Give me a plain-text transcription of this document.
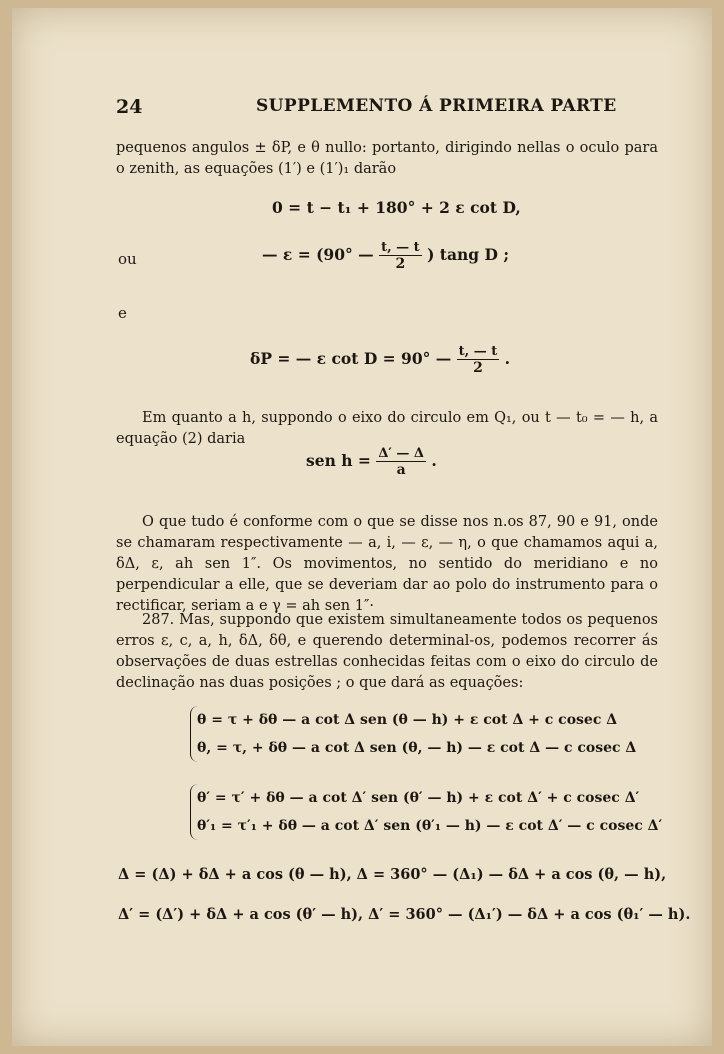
24	SUPPLEMENTO Á PRIMEIRA PARTE
pequenos angulos ± δP, e θ nullo: portanto, dirigindo nellas o oculo para o zenith, as equações (1′) e (1′)₁ darão
0 = t − t₁ + 180° + 2 ε cot D,
ou	— ε = (90° — $\frac{t, — t}{2}$ ) tang D ;
e
δP = — ε cot D = 90° — $\frac{t, — t}{2}$ .
Em quanto a h, suppondo o eixo do circulo em Q₁, ou t — t₀ = — h, a equação (2) daria
sen $h = \frac{\Delta' — \Delta}{a}$ .
O que tudo é conforme com o que se disse nos n.os 87, 90 e 91, onde se chamaram respectivamente — a, i, — ε, — η, o que chamamos aqui a, δΔ, ε, ah sen 1″. Os movimentos, no sentido do meridiano e no perpendicular a elle, que se deveriam dar ao polo do instrumento para o rectificar, seriam a e γ = ah sen 1″·
287. Mas, suppondo que existem simultaneamente todos os pequenos erros ε, c, a, h, δΔ, δθ, e querendo determinal-os, podemos recorrer ás observações de duas estrellas conhecidas feitas com o eixo do circulo de declinação nas duas posições ; o que dará as equações:
θ = τ + δθ — a cot Δ sen (θ — h) + ε cot Δ + c cosec Δ
θ, = τ, + δθ — a cot Δ sen (θ, — h) — ε cot Δ — c cosec Δ
θ′ = τ′ + δθ — a cot Δ′ sen (θ′ — h) + ε cot Δ′ + c cosec Δ′
θ′₁ = τ′₁ + δθ — a cot Δ′ sen (θ′₁ — h) — ε cot Δ′ — c cosec Δ′
Δ = (Δ) + δΔ + a cos (θ — h), Δ = 360° — (Δ₁) — δΔ + a cos (θ, — h),
Δ′ = (Δ′) + δΔ + a cos (θ′ — h), Δ′ = 360° — (Δ₁′) — δΔ + a cos (θ₁′ — h).
